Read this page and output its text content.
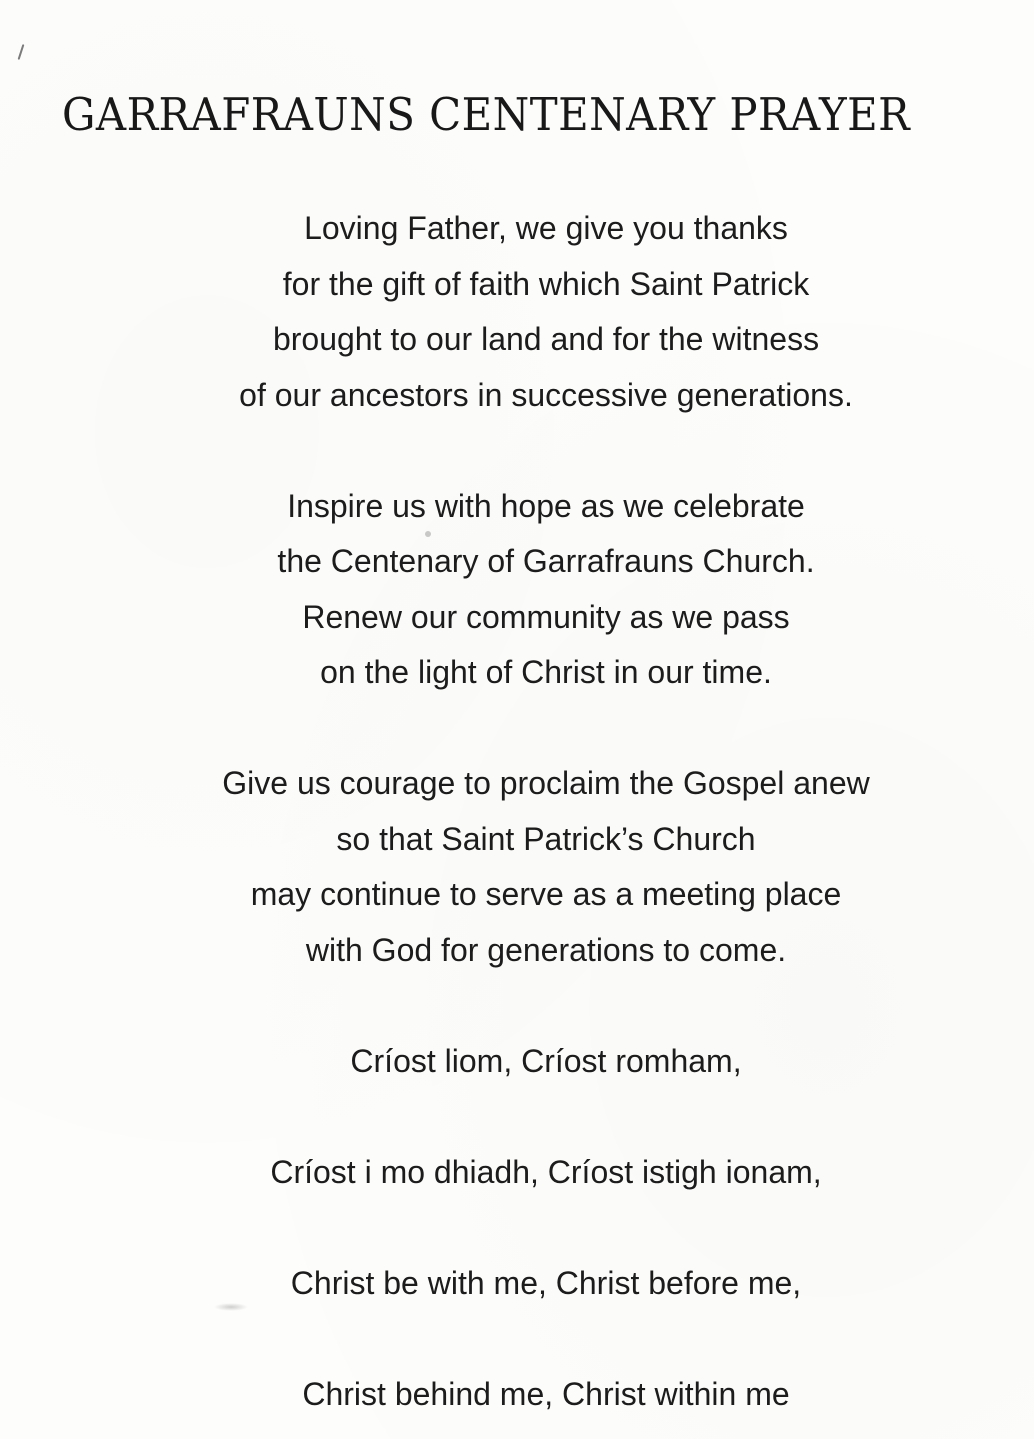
GARRAFRAUNS CENTENARY PRAYER
Loving Father, we give you thanks
for the gift of faith which Saint Patrick
brought to our land and for the witness
of our ancestors in successive generations.
Inspire us with hope as we celebrate
the Centenary of Garrafrauns Church.
Renew our community as we pass
on the light of Christ in our time.
Give us courage to proclaim the Gospel anew
so that Saint Patrick’s Church
may continue to serve as a meeting place
with God for generations to come.
Críost liom, Críost romham,
Críost i mo dhiadh, Críost istigh ionam,
Christ be with me, Christ before me,
Christ behind me, Christ within me
